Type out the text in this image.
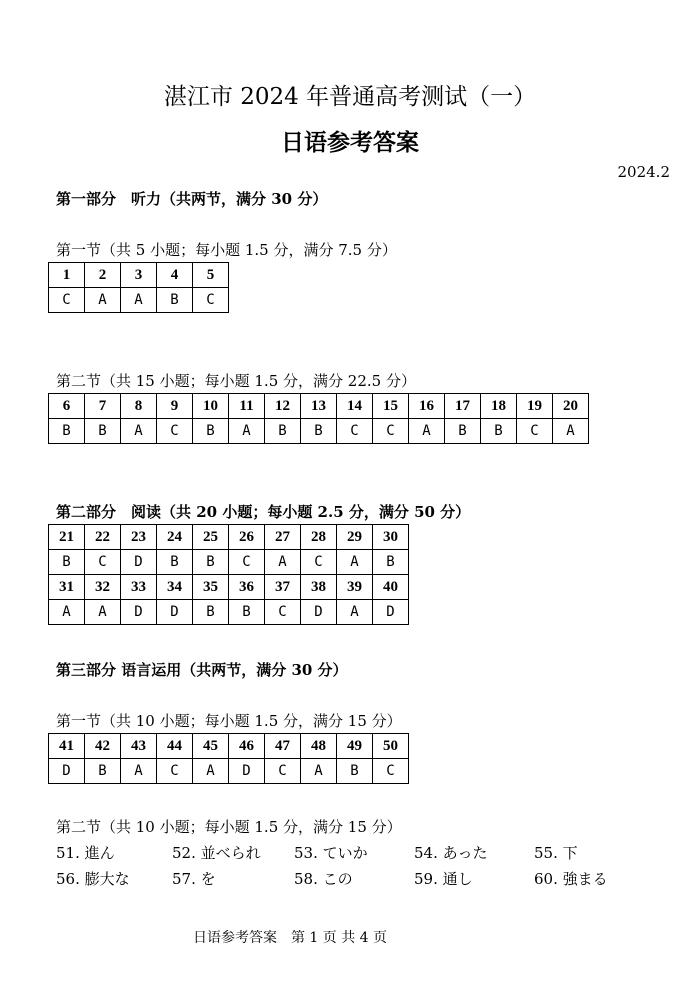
湛江市 2024 年普通高考测试（一）
日语参考答案
2024.2
第一部分　听力（共两节，满分 30 分）
第一节（共 5 小题；每小题 1.5 分，满分 7.5 分）
1	2	3	4	5
C	A	A	B	C
第二节（共 15 小题；每小题 1.5 分，满分 22.5 分）
6	7	8	9	10	11	12	13	14	15	16	17	18	19	20
B	B	A	C	B	A	B	B	C	C	A	B	B	C	A
第二部分　阅读（共 20 小题；每小题 2.5 分，满分 50 分）
21	22	23	24	25	26	27	28	29	30
B	C	D	B	B	C	A	C	A	B
31	32	33	34	35	36	37	38	39	40
A	A	D	D	B	B	C	D	A	D
第三部分 语言运用（共两节，满分 30 分）
第一节（共 10 小题；每小题 1.5 分，满分 15 分）
41	42	43	44	45	46	47	48	49	50
D	B	A	C	A	D	C	A	B	C
第二节（共 10 小题；每小题 1.5 分，满分 15 分）
51. 進ん	52. 並べられ 53. ていか	54. あった	55. 下
56. 膨大な	57. を	58. この	59. 通し	60. 強まる
日语参考答案　第 1 页 共 4 页
